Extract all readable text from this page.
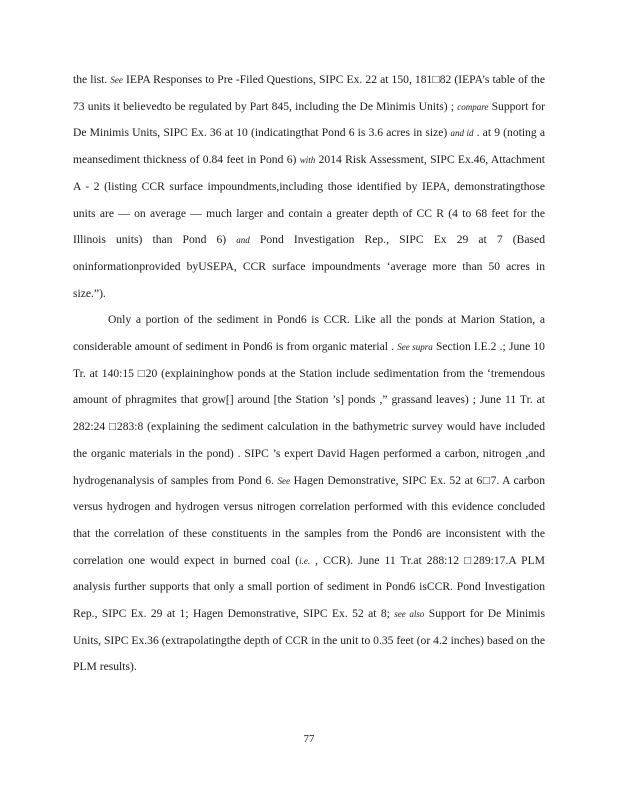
the list. See IEPA Responses to Pre -Filed Questions, SIPC Ex. 22 at 150, 181□82 (IEPA’s table of the 73 units it believedto be regulated by Part 845, including the De Minimis Units) ; compare Support for De Minimis Units, SIPC Ex. 36 at 10 (indicatingthat Pond 6 is 3.6 acres in size) and id . at 9 (noting a meansediment thickness of 0.84 feet in Pond 6) with 2014 Risk Assessment, SIPC Ex.46, Attachment A - 2 (listing CCR surface impoundments,including those identified by IEPA, demonstratingthose units are — on average — much larger and contain a greater depth of CC R (4 to 68 feet for the Illinois units) than Pond 6) and Pond Investigation Rep., SIPC Ex 29 at 7 (Based oninformationprovided byUSEPA, CCR surface impoundments ‘average more than 50 acres in size.”).

Only a portion of the sediment in Pond6 is CCR. Like all the ponds at Marion Station, a considerable amount of sediment in Pond6 is from organic material . See supra Section I.E.2 .; June 10 Tr. at 140:15 □20 (explaininghow ponds at the Station include sedimentation from the ‘tremendous amount of phragmites that grow[] around [the Station ’s] ponds ,” grassand leaves) ; June 11 Tr. at 282:24 □283:8 (explaining the sediment calculation in the bathymetric survey would have included the organic materials in the pond) . SIPC ’s expert David Hagen performed a carbon, nitrogen ,and hydrogenanalysis of samples from Pond 6. See Hagen Demonstrative, SIPC Ex. 52 at 6□7. A carbon versus hydrogen and hydrogen versus nitrogen correlation performed with this evidence concluded that the correlation of these constituents in the samples from the Pond6 are inconsistent with the correlation one would expect in burned coal (i.e. , CCR). June 11 Tr.at 288:12 □289:17.A PLM analysis further supports that only a small portion of sediment in Pond6 isCCR. Pond Investigation Rep., SIPC Ex. 29 at 1; Hagen Demonstrative, SIPC Ex. 52 at 8; see also Support for De Minimis Units, SIPC Ex.36 (extrapolatingthe depth of CCR in the unit to 0.35 feet (or 4.2 inches) based on the PLM results).

77
